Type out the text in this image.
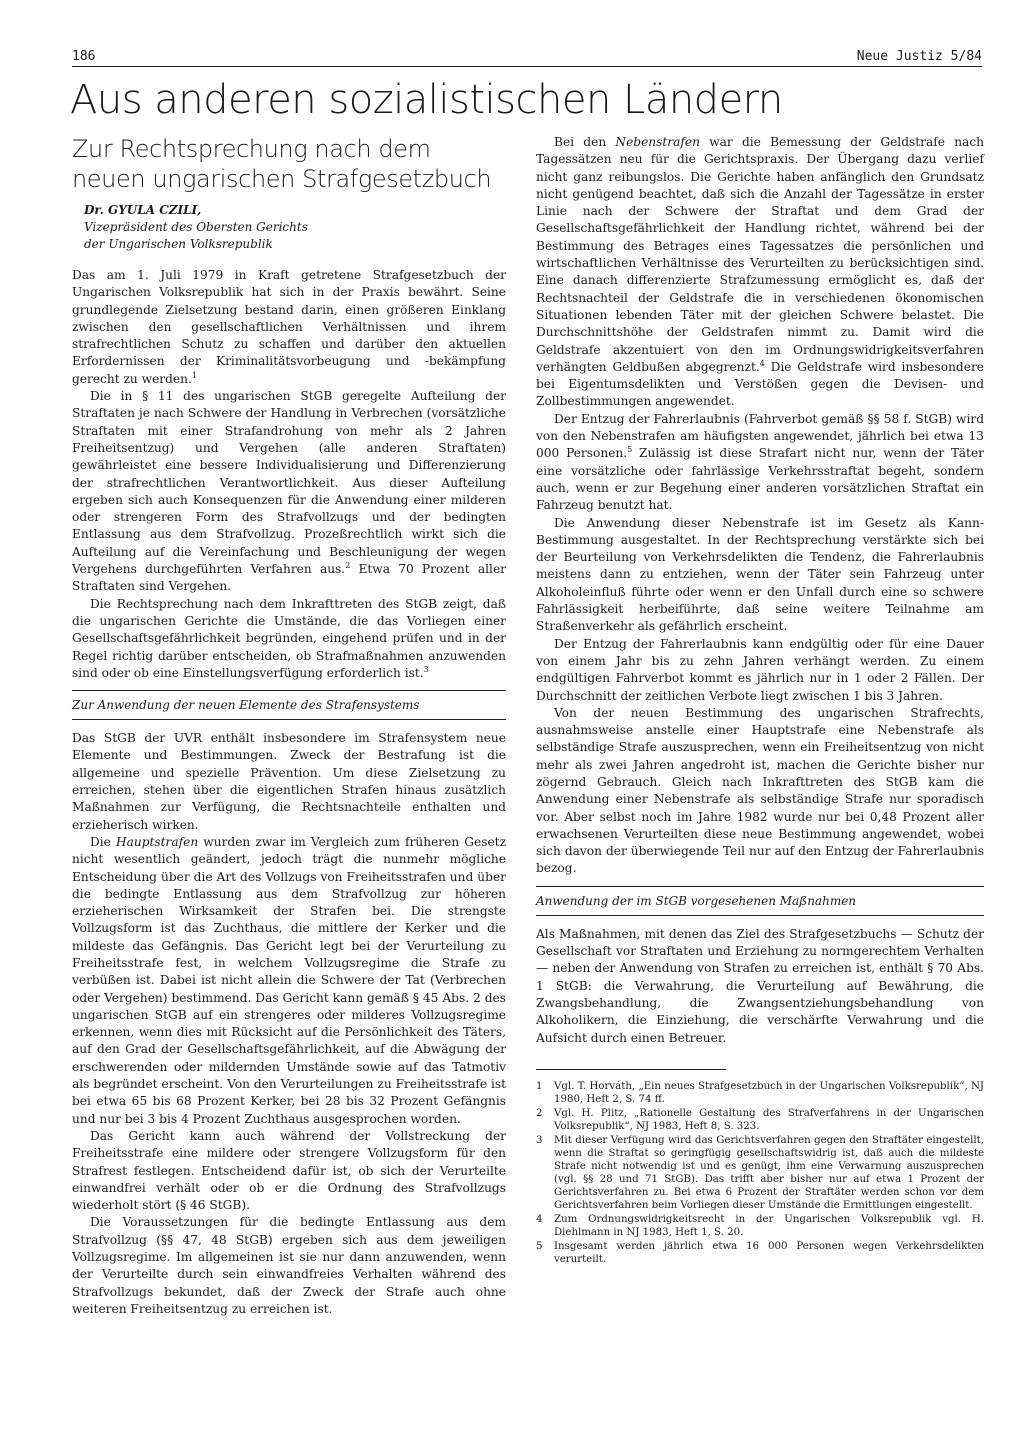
186	Neue Justiz 5/84
Aus anderen sozialistischen Ländern
Zur Rechtsprechung nach dem
neuen ungarischen Strafgesetzbuch
Dr. GYULA CZILI,
Vizepräsident des Obersten Gerichts
der Ungarischen Volksrepublik

Das am 1. Juli 1979 in Kraft getretene Strafgesetzbuch der Ungarischen Volksrepublik hat sich in der Praxis bewährt. Seine grundlegende Zielsetzung bestand darin, einen größeren Einklang zwischen den gesellschaftlichen Verhältnissen und ihrem strafrechtlichen Schutz zu schaffen und darüber den aktuellen Erfordernissen der Kriminalitätsvorbeugung und -bekämpfung gerecht zu werden.$^1$

Die in § 11 des ungarischen StGB geregelte Aufteilung der Straftaten je nach Schwere der Handlung in Verbrechen (vorsätzliche Straftaten mit einer Strafandrohung von mehr als 2 Jahren Freiheitsentzug) und Vergehen (alle anderen Straftaten) gewährleistet eine bessere Individualisierung und Differenzierung der strafrechtlichen Verantwortlichkeit. Aus dieser Aufteilung ergeben sich auch Konsequenzen für die Anwendung einer milderen oder strengeren Form des Strafvollzugs und der bedingten Entlassung aus dem Strafvollzug. Prozeßrechtlich wirkt sich die Aufteilung auf die Vereinfachung und Beschleunigung der wegen Vergehens durchgeführten Verfahren aus.$^2$ Etwa 70 Prozent aller Straftaten sind Vergehen.

Die Rechtsprechung nach dem Inkrafttreten des StGB zeigt, daß die ungarischen Gerichte die Umstände, die das Vorliegen einer Gesellschaftsgefährlichkeit begründen, eingehend prüfen und in der Regel richtig darüber entscheiden, ob Strafmaßnahmen anzuwenden sind oder ob eine Einstellungsverfügung erforderlich ist.$^3$

Zur Anwendung der neuen Elemente des Strafensystems

Das StGB der UVR enthält insbesondere im Strafensystem neue Elemente und Bestimmungen. Zweck der Bestrafung ist die allgemeine und spezielle Prävention. Um diese Zielsetzung zu erreichen, stehen über die eigentlichen Strafen hinaus zusätzlich Maßnahmen zur Verfügung, die Rechtsnachteile enthalten und erzieherisch wirken.

Die Hauptstrafen wurden zwar im Vergleich zum früheren Gesetz nicht wesentlich geändert, jedoch trägt die nunmehr mögliche Entscheidung über die Art des Vollzugs von Freiheitsstrafen und über die bedingte Entlassung aus dem Strafvollzug zur höheren erzieherischen Wirksamkeit der Strafen bei. Die strengste Vollzugsform ist das Zuchthaus, die mittlere der Kerker und die mildeste das Gefängnis. Das Gericht legt bei der Verurteilung zu Freiheitsstrafe fest, in welchem Vollzugsregime die Strafe zu verbüßen ist. Dabei ist nicht allein die Schwere der Tat (Verbrechen oder Vergehen) bestimmend. Das Gericht kann gemäß § 45 Abs. 2 des ungarischen StGB auf ein strengeres oder milderes Vollzugsregime erkennen, wenn dies mit Rücksicht auf die Persönlichkeit des Täters, auf den Grad der Gesellschaftsgefährlichkeit, auf die Abwägung der erschwerenden oder mildernden Umstände sowie auf das Tatmotiv als begründet erscheint. Von den Verurteilungen zu Freiheitsstrafe ist bei etwa 65 bis 68 Prozent Kerker, bei 28 bis 32 Prozent Gefängnis und nur bei 3 bis 4 Prozent Zuchthaus ausgesprochen worden.

Das Gericht kann auch während der Vollstreckung der Freiheitsstrafe eine mildere oder strengere Vollzugsform für den Strafrest festlegen. Entscheidend dafür ist, ob sich der Verurteilte einwandfrei verhält oder ob er die Ordnung des Strafvollzugs wiederholt stört (§ 46 StGB).

Die Voraussetzungen für die bedingte Entlassung aus dem Strafvollzug (§§ 47, 48 StGB) ergeben sich aus dem jeweiligen Vollzugsregime. Im allgemeinen ist sie nur dann anzuwenden, wenn der Verurteilte durch sein einwandfreies Verhalten während des Strafvollzugs bekundet, daß der Zweck der Strafe auch ohne weiteren Freiheitsentzug zu erreichen ist.

Bei den Nebenstrafen war die Bemessung der Geldstrafe nach Tagessätzen neu für die Gerichtspraxis. Der Übergang dazu verlief nicht ganz reibungslos. Die Gerichte haben anfänglich den Grundsatz nicht genügend beachtet, daß sich die Anzahl der Tagessätze in erster Linie nach der Schwere der Straftat und dem Grad der Gesellschaftsgefährlichkeit der Handlung richtet, während bei der Bestimmung des Betrages eines Tagessatzes die persönlichen und wirtschaftlichen Verhältnisse des Verurteilten zu berücksichtigen sind. Eine danach differenzierte Strafzumessung ermöglicht es, daß der Rechtsnachteil der Geldstrafe die in verschiedenen ökonomischen Situationen lebenden Täter mit der gleichen Schwere belastet. Die Durchschnittshöhe der Geldstrafen nimmt zu. Damit wird die Geldstrafe akzentuiert von den im Ordnungswidrigkeitsverfahren verhängten Geldbußen abgegrenzt.$^4$ Die Geldstrafe wird insbesondere bei Eigentumsdelikten und Verstößen gegen die Devisen- und Zollbestimmungen angewendet.

Der Entzug der Fahrerlaubnis (Fahrverbot gemäß §§ 58 f. StGB) wird von den Nebenstrafen am häufigsten angewendet, jährlich bei etwa 13 000 Personen.$^5$ Zulässig ist diese Strafart nicht nur, wenn der Täter eine vorsätzliche oder fahrlässige Verkehrsstraftat begeht, sondern auch, wenn er zur Begehung einer anderen vorsätzlichen Straftat ein Fahrzeug benutzt hat.

Die Anwendung dieser Nebenstrafe ist im Gesetz als Kann-Bestimmung ausgestaltet. In der Rechtsprechung verstärkte sich bei der Beurteilung von Verkehrsdelikten die Tendenz, die Fahrerlaubnis meistens dann zu entziehen, wenn der Täter sein Fahrzeug unter Alkoholeinfluß führte oder wenn er den Unfall durch eine so schwere Fahrlässigkeit herbeiführte, daß seine weitere Teilnahme am Straßenverkehr als gefährlich erscheint.

Der Entzug der Fahrerlaubnis kann endgültig oder für eine Dauer von einem Jahr bis zu zehn Jahren verhängt werden. Zu einem endgültigen Fahrverbot kommt es jährlich nur in 1 oder 2 Fällen. Der Durchschnitt der zeitlichen Verbote liegt zwischen 1 bis 3 Jahren.

Von der neuen Bestimmung des ungarischen Strafrechts, ausnahmsweise anstelle einer Hauptstrafe eine Nebenstrafe als selbständige Strafe auszusprechen, wenn ein Freiheitsentzug von nicht mehr als zwei Jahren angedroht ist, machen die Gerichte bisher nur zögernd Gebrauch. Gleich nach Inkrafttreten des StGB kam die Anwendung einer Nebenstrafe als selbständige Strafe nur sporadisch vor. Aber selbst noch im Jahre 1982 wurde nur bei 0,48 Prozent aller erwachsenen Verurteilten diese neue Bestimmung angewendet, wobei sich davon der überwiegende Teil nur auf den Entzug der Fahrerlaubnis bezog.

Anwendung der im StGB vorgesehenen Maßnahmen

Als Maßnahmen, mit denen das Ziel des Strafgesetzbuchs — Schutz der Gesellschaft vor Straftaten und Erziehung zu normgerechtem Verhalten — neben der Anwendung von Strafen zu erreichen ist, enthält § 70 Abs. 1 StGB: die Verwahrung, die Verurteilung auf Bewährung, die Zwangsbehandlung, die Zwangsentziehungsbehandlung von Alkoholikern, die Einziehung, die verschärfte Verwahrung und die Aufsicht durch einen Betreuer.

1	Vgl. T. Horváth, „Ein neues Strafgesetzbuch in der Ungarischen Volksrepublik“, NJ 1980, Heft 2, S. 74 ff.
2	Vgl. H. Plitz, „Rationelle Gestaltung des Strafverfahrens in der Ungarischen Volksrepublik“, NJ 1983, Heft 8, S. 323.
3	Mit dieser Verfügung wird das Gerichtsverfahren gegen den Straftäter eingestellt, wenn die Straftat so geringfügig gesellschaftswidrig ist, daß auch die mildeste Strafe nicht notwendig ist und es genügt, ihm eine Verwarnung auszusprechen (vgl. §§ 28 und 71 StGB). Das trifft aber bisher nur auf etwa 1 Prozent der Gerichtsverfahren zu. Bei etwa 6 Prozent der Straftäter werden schon vor dem Gerichtsverfahren beim Vorliegen dieser Umstände die Ermittlungen eingestellt.
4	Zum Ordnungswidrigkeitsrecht in der Ungarischen Volksrepublik vgl. H. Diehlmann in NJ 1983, Heft 1, S. 20.
5	Insgesamt werden jährlich etwa 16 000 Personen wegen Verkehrsdelikten verurteilt.
